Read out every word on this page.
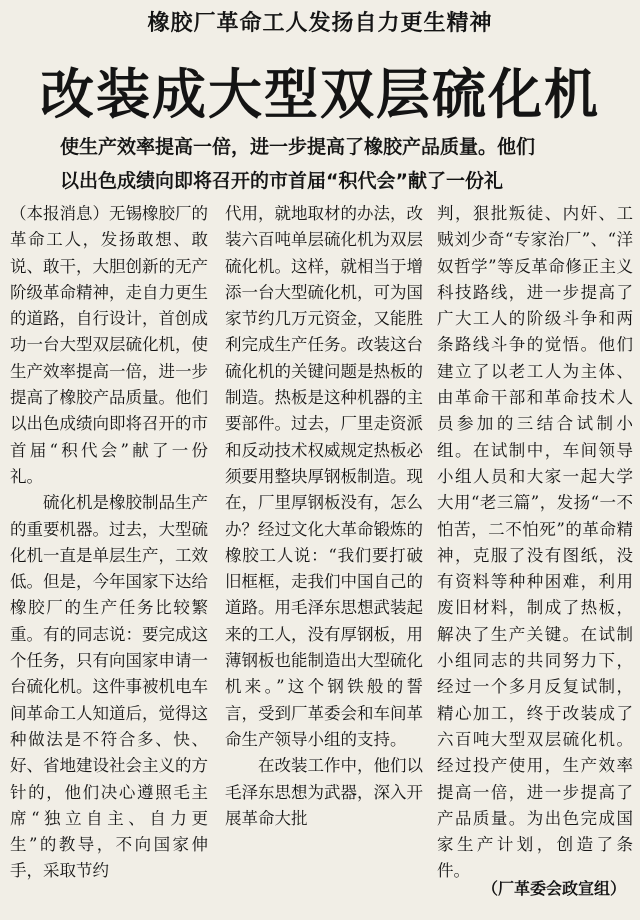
橡胶厂革命工人发扬自力更生精神
改装成大型双层硫化机
使生产效率提高一倍，进一步提高了橡胶产品质量。他们
以出色成绩向即将召开的市首届“积代会”献了一份礼

（本报消息）无锡橡胶厂的革命工人，发扬敢想、敢说、敢干，大胆创新的无产阶级革命精神，走自力更生的道路，自行设计，首创成功一台大型双层硫化机，使生产效率提高一倍，进一步提高了橡胶产品质量。他们以出色成绩向即将召开的市首届“积代会”献了一份礼。

硫化机是橡胶制品生产的重要机器。过去，大型硫化机一直是单层生产，工效低。但是，今年国家下达给橡胶厂的生产任务比较繁重。有的同志说：要完成这个任务，只有向国家申请一台硫化机。这件事被机电车间革命工人知道后，觉得这种做法是不符合多、快、好、省地建设社会主义的方针的，他们决心遵照毛主席“独立自主、自力更生”的教导，不向国家伸手，采取节约

代用，就地取材的办法，改装六百吨单层硫化机为双层硫化机。这样，就相当于增添一台大型硫化机，可为国家节约几万元资金，又能胜利完成生产任务。改装这台硫化机的关键问题是热板的制造。热板是这种机器的主要部件。过去，厂里走资派和反动技术权威规定热板必须要用整块厚钢板制造。现在，厂里厚钢板没有，怎么办？经过文化大革命锻炼的橡胶工人说：“我们要打破旧框框，走我们中国自己的道路。用毛泽东思想武装起来的工人，没有厚钢板，用薄钢板也能制造出大型硫化机来。”这个钢铁般的誓言，受到厂革委会和车间革命生产领导小组的支持。

在改装工作中，他们以毛泽东思想为武器，深入开展革命大批

判，狠批叛徒、内奸、工贼刘少奇“专家治厂”、“洋奴哲学”等反革命修正主义科技路线，进一步提高了广大工人的阶级斗争和两条路线斗争的觉悟。他们建立了以老工人为主体、由革命干部和革命技术人员参加的三结合试制小组。在试制中，车间领导小组人员和大家一起大学大用“老三篇”，发扬“一不怕苦，二不怕死”的革命精神，克服了没有图纸，没有资料等种种困难，利用废旧材料，制成了热板，解决了生产关键。在试制小组同志的共同努力下，经过一个多月反复试制，精心加工，终于改装成了六百吨大型双层硫化机。经过投产使用，生产效率提高一倍，进一步提高了产品质量。为出色完成国家生产计划，创造了条件。

（厂革委会政宣组）
